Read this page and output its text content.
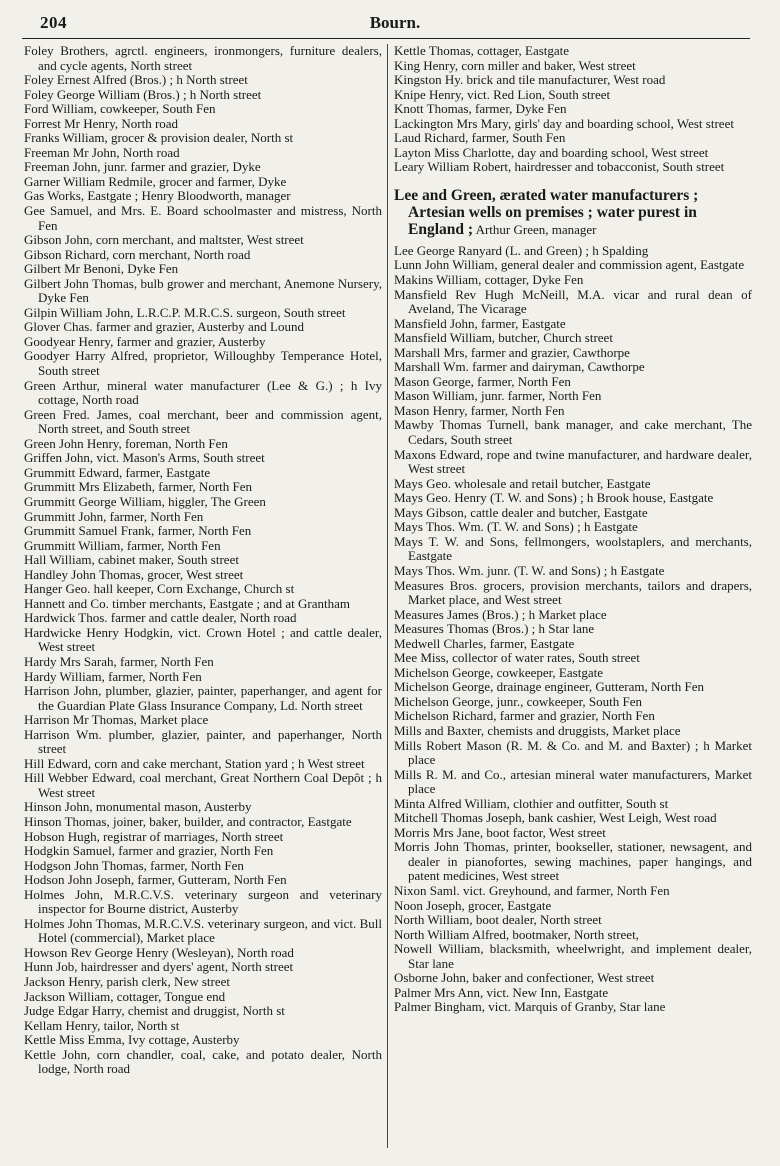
204	Bourn.

Foley Brothers, agrctl. engineers, ironmongers, furniture dealers, and cycle agents, North street

Foley Ernest Alfred (Bros.) ; h North street

Foley George William (Bros.) ; h North street

Ford William, cowkeeper, South Fen

Forrest Mr Henry, North road

Franks William, grocer & provision dealer, North st

Freeman Mr John, North road

Freeman John, junr. farmer and grazier, Dyke

Garner William Redmile, grocer and farmer, Dyke

Gas Works, Eastgate ; Henry Bloodworth, manager

Gee Samuel, and Mrs. E. Board schoolmaster and mistress, North Fen

Gibson John, corn merchant, and maltster, West street

Gibson Richard, corn merchant, North road

Gilbert Mr Benoni, Dyke Fen

Gilbert John Thomas, bulb grower and merchant, Anemone Nursery, Dyke Fen

Gilpin William John, L.R.C.P. M.R.C.S. surgeon, South street

Glover Chas. farmer and grazier, Austerby and Lound

Goodyear Henry, farmer and grazier, Austerby

Goodyer Harry Alfred, proprietor, Willoughby Temperance Hotel, South street

Green Arthur, mineral water manufacturer (Lee & G.) ; h Ivy cottage, North road

Green Fred. James, coal merchant, beer and commission agent, North street, and South street

Green John Henry, foreman, North Fen

Griffen John, vict. Mason's Arms, South street

Grummitt Edward, farmer, Eastgate

Grummitt Mrs Elizabeth, farmer, North Fen

Grummitt George William, higgler, The Green

Grummitt John, farmer, North Fen

Grummitt Samuel Frank, farmer, North Fen

Grummitt William, farmer, North Fen

Hall William, cabinet maker, South street

Handley John Thomas, grocer, West street

Hanger Geo. hall keeper, Corn Exchange, Church st

Hannett and Co. timber merchants, Eastgate ; and at Grantham

Hardwick Thos. farmer and cattle dealer, North road

Hardwicke Henry Hodgkin, vict. Crown Hotel ; and cattle dealer, West street

Hardy Mrs Sarah, farmer, North Fen

Hardy William, farmer, North Fen

Harrison John, plumber, glazier, painter, paperhanger, and agent for the Guardian Plate Glass Insurance Company, Ld. North street

Harrison Mr Thomas, Market place

Harrison Wm. plumber, glazier, painter, and paperhanger, North street

Hill Edward, corn and cake merchant, Station yard ; h West street

Hill Webber Edward, coal merchant, Great Northern Coal Depôt ; h West street

Hinson John, monumental mason, Austerby

Hinson Thomas, joiner, baker, builder, and contractor, Eastgate

Hobson Hugh, registrar of marriages, North street

Hodgkin Samuel, farmer and grazier, North Fen

Hodgson John Thomas, farmer, North Fen

Hodson John Joseph, farmer, Gutteram, North Fen

Holmes John, M.R.C.V.S. veterinary surgeon and veterinary inspector for Bourne district, Austerby

Holmes John Thomas, M.R.C.V.S. veterinary surgeon, and vict. Bull Hotel (commercial), Market place

Howson Rev George Henry (Wesleyan), North road

Hunn Job, hairdresser and dyers' agent, North street

Jackson Henry, parish clerk, New street

Jackson William, cottager, Tongue end

Judge Edgar Harry, chemist and druggist, North st

Kellam Henry, tailor, North st

Kettle Miss Emma, Ivy cottage, Austerby

Kettle John, corn chandler, coal, cake, and potato dealer, North lodge, North road

Kettle Thomas, cottager, Eastgate

King Henry, corn miller and baker, West street

Kingston Hy. brick and tile manufacturer, West road

Knipe Henry, vict. Red Lion, South street

Knott Thomas, farmer, Dyke Fen

Lackington Mrs Mary, girls' day and boarding school, West street

Laud Richard, farmer, South Fen

Layton Miss Charlotte, day and boarding school, West street

Leary William Robert, hairdresser and tobacconist, South street

Lee and Green, ærated water manufacturers ; Artesian wells on premises ; water purest in England ; Arthur Green, manager

Lee George Ranyard (L. and Green) ; h Spalding

Lunn John William, general dealer and commission agent, Eastgate

Makins William, cottager, Dyke Fen

Mansfield Rev Hugh McNeill, M.A. vicar and rural dean of Aveland, The Vicarage

Mansfield John, farmer, Eastgate

Mansfield William, butcher, Church street

Marshall Mrs, farmer and grazier, Cawthorpe

Marshall Wm. farmer and dairyman, Cawthorpe

Mason George, farmer, North Fen

Mason William, junr. farmer, North Fen

Mason Henry, farmer, North Fen

Mawby Thomas Turnell, bank manager, and cake merchant, The Cedars, South street

Maxons Edward, rope and twine manufacturer, and hardware dealer, West street

Mays Geo. wholesale and retail butcher, Eastgate

Mays Geo. Henry (T. W. and Sons) ; h Brook house, Eastgate

Mays Gibson, cattle dealer and butcher, Eastgate

Mays Thos. Wm. (T. W. and Sons) ; h Eastgate

Mays T. W. and Sons, fellmongers, woolstaplers, and merchants, Eastgate

Mays Thos. Wm. junr. (T. W. and Sons) ; h Eastgate

Measures Bros. grocers, provision merchants, tailors and drapers, Market place, and West street

Measures James (Bros.) ; h Market place

Measures Thomas (Bros.) ; h Star lane

Medwell Charles, farmer, Eastgate

Mee Miss, collector of water rates, South street

Michelson George, cowkeeper, Eastgate

Michelson George, drainage engineer, Gutteram, North Fen

Michelson George, junr., cowkeeper, South Fen

Michelson Richard, farmer and grazier, North Fen

Mills and Baxter, chemists and druggists, Market place

Mills Robert Mason (R. M. & Co. and M. and Baxter) ; h Market place

Mills R. M. and Co., artesian mineral water manufacturers, Market place

Minta Alfred William, clothier and outfitter, South st

Mitchell Thomas Joseph, bank cashier, West Leigh, West road

Morris Mrs Jane, boot factor, West street

Morris John Thomas, printer, bookseller, stationer, newsagent, and dealer in pianofortes, sewing machines, paper hangings, and patent medicines, West street

Nixon Saml. vict. Greyhound, and farmer, North Fen

Noon Joseph, grocer, Eastgate

North William, boot dealer, North street

North William Alfred, bootmaker, North street,

Nowell William, blacksmith, wheelwright, and implement dealer, Star lane

Osborne John, baker and confectioner, West street

Palmer Mrs Ann, vict. New Inn, Eastgate

Palmer Bingham, vict. Marquis of Granby, Star lane
